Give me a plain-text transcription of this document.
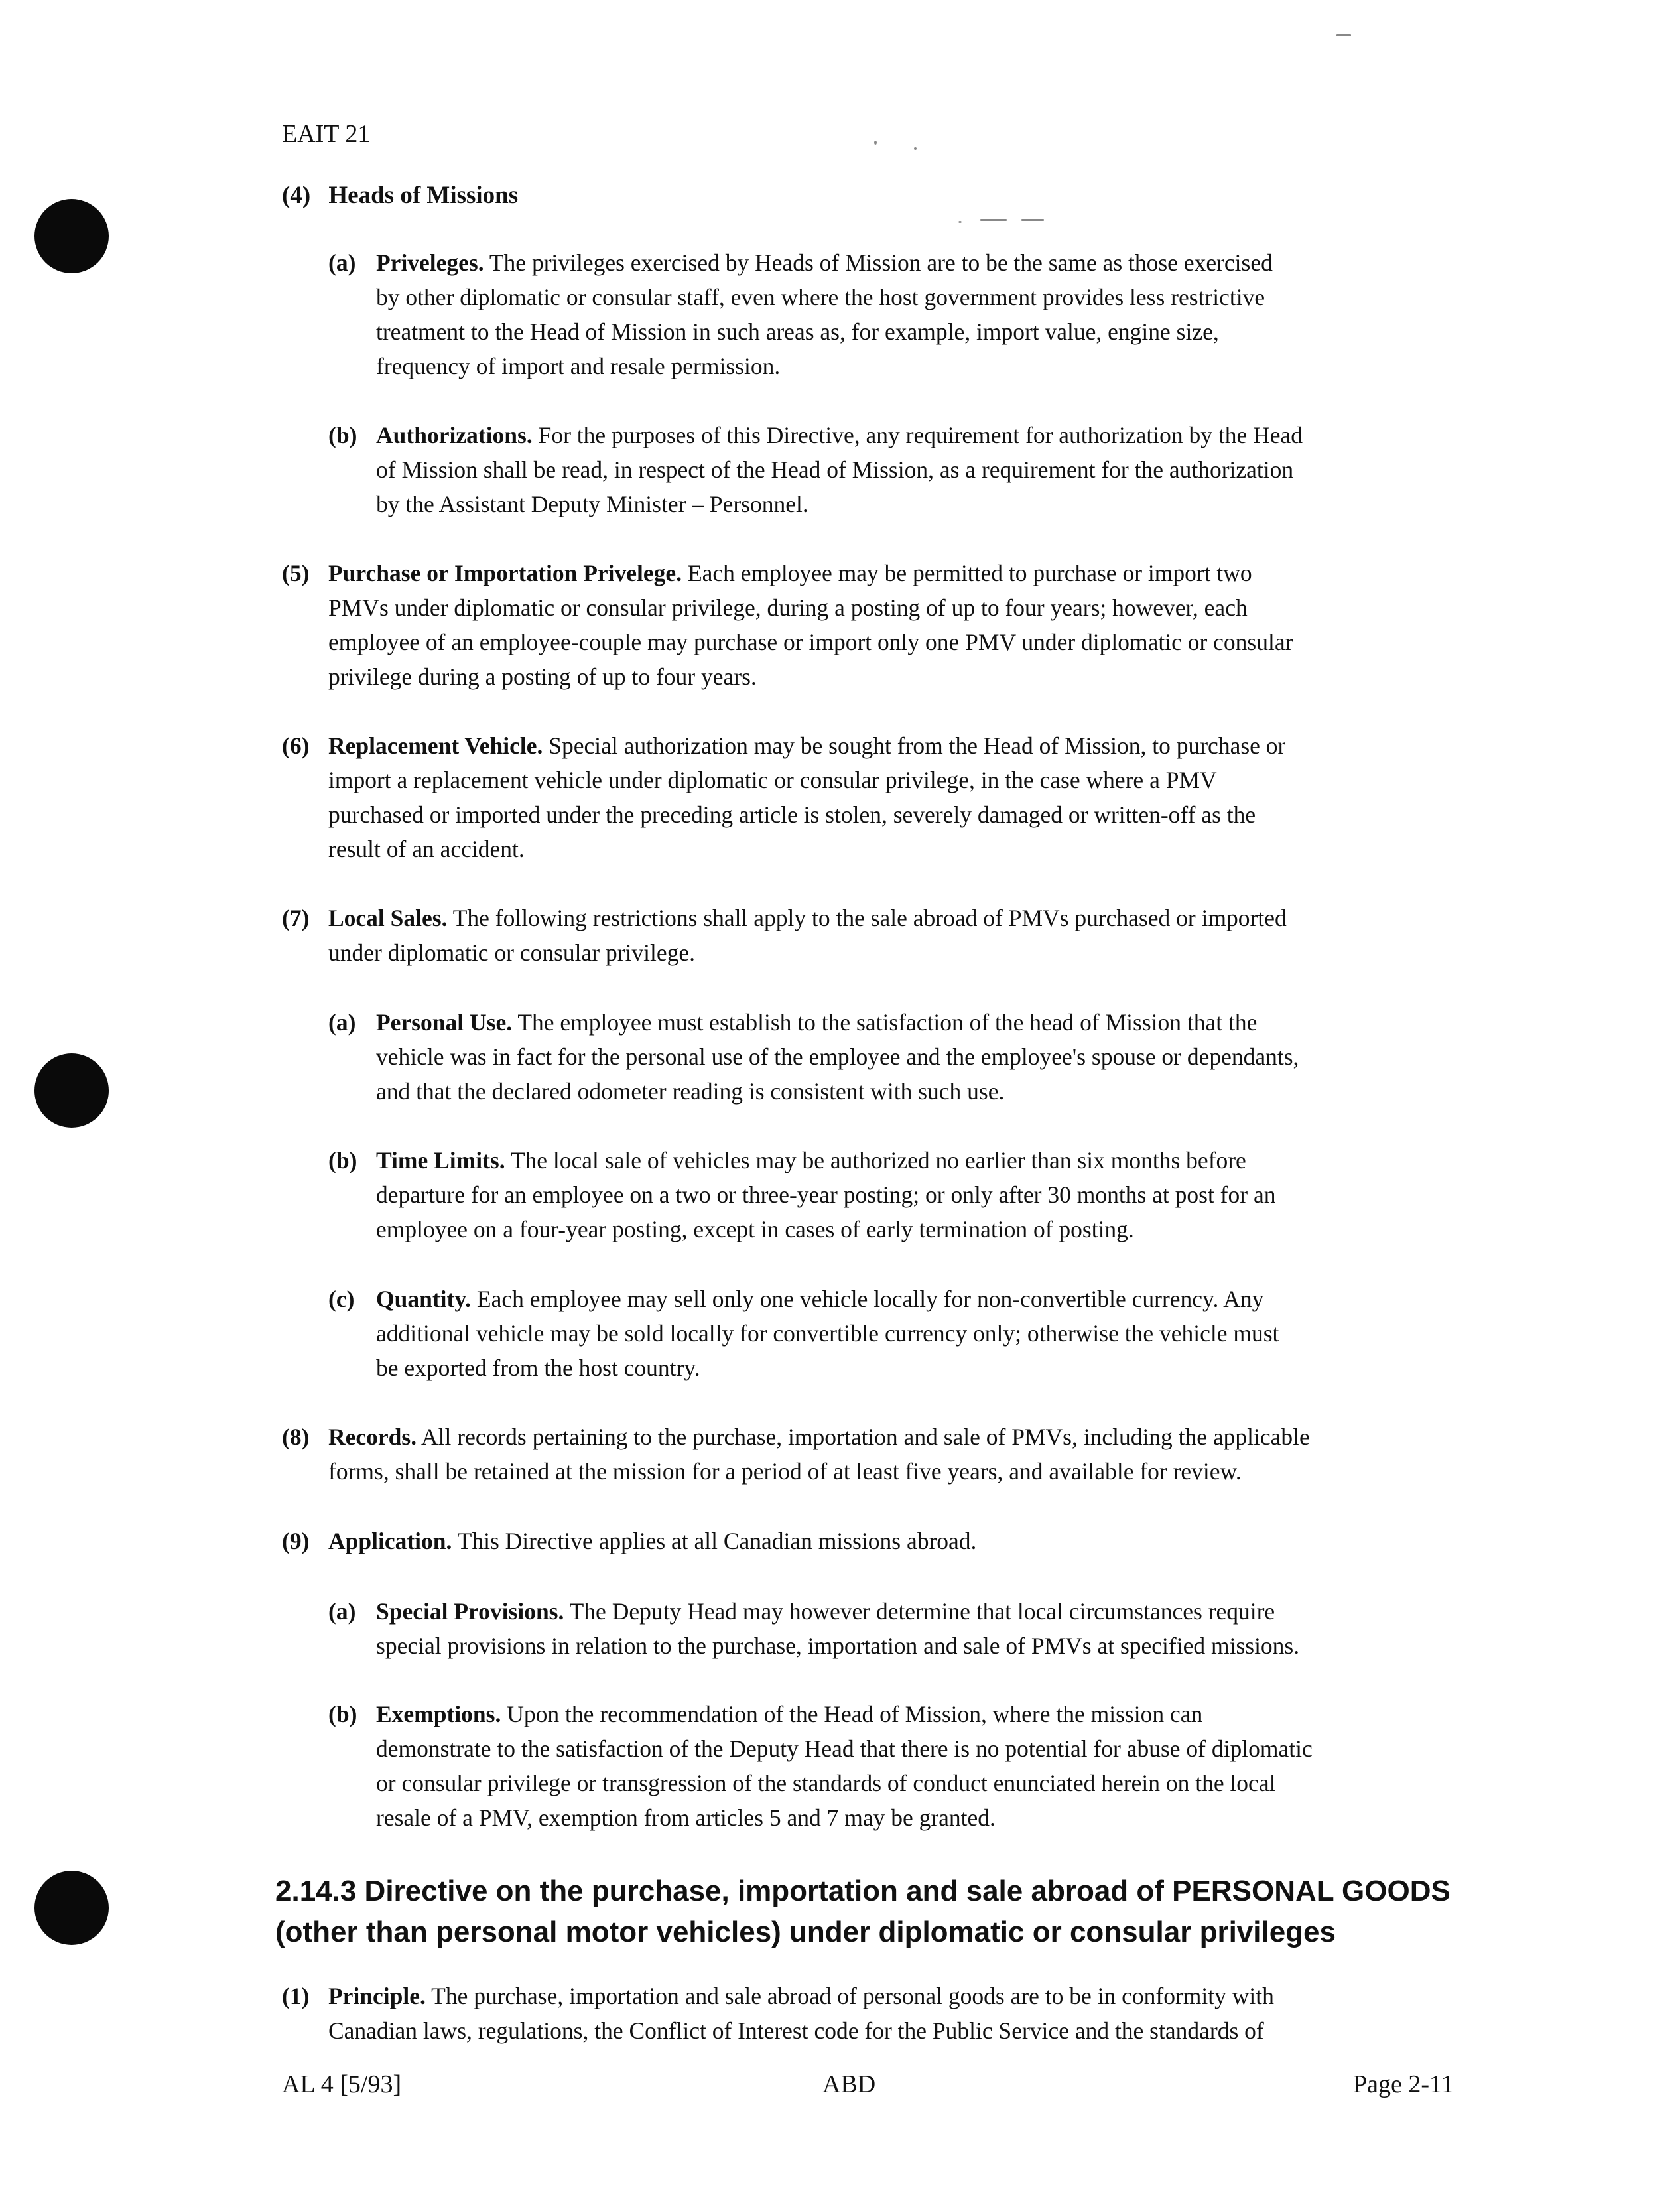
EAIT 21
(4) Heads of Missions
(a) Priveleges. The privileges exercised by Heads of Mission are to be the same as those exercised
by other diplomatic or consular staff, even where the host government provides less restrictive
treatment to the Head of Mission in such areas as, for example, import value, engine size,
frequency of import and resale permission.
(b) Authorizations. For the purposes of this Directive, any requirement for authorization by the Head
of Mission shall be read, in respect of the Head of Mission, as a requirement for the authorization
by the Assistant Deputy Minister – Personnel.
(5) Purchase or Importation Privelege. Each employee may be permitted to purchase or import two
PMVs under diplomatic or consular privilege, during a posting of up to four years; however, each
employee of an employee-couple may purchase or import only one PMV under diplomatic or consular
privilege during a posting of up to four years.
(6) Replacement Vehicle. Special authorization may be sought from the Head of Mission, to purchase or
import a replacement vehicle under diplomatic or consular privilege, in the case where a PMV
purchased or imported under the preceding article is stolen, severely damaged or written-off as the
result of an accident.
(7) Local Sales. The following restrictions shall apply to the sale abroad of PMVs purchased or imported
under diplomatic or consular privilege.
(a) Personal Use. The employee must establish to the satisfaction of the head of Mission that the
vehicle was in fact for the personal use of the employee and the employee's spouse or dependants,
and that the declared odometer reading is consistent with such use.
(b) Time Limits. The local sale of vehicles may be authorized no earlier than six months before
departure for an employee on a two or three-year posting; or only after 30 months at post for an
employee on a four-year posting, except in cases of early termination of posting.
(c) Quantity. Each employee may sell only one vehicle locally for non-convertible currency. Any
additional vehicle may be sold locally for convertible currency only; otherwise the vehicle must
be exported from the host country.
(8) Records. All records pertaining to the purchase, importation and sale of PMVs, including the applicable
forms, shall be retained at the mission for a period of at least five years, and available for review.
(9) Application. This Directive applies at all Canadian missions abroad.
(a) Special Provisions. The Deputy Head may however determine that local circumstances require
special provisions in relation to the purchase, importation and sale of PMVs at specified missions.
(b) Exemptions. Upon the recommendation of the Head of Mission, where the mission can
demonstrate to the satisfaction of the Deputy Head that there is no potential for abuse of diplomatic
or consular privilege or transgression of the standards of conduct enunciated herein on the local
resale of a PMV, exemption from articles 5 and 7 may be granted.
2.14.3 Directive on the purchase, importation and sale abroad of PERSONAL GOODS
(other than personal motor vehicles) under diplomatic or consular privileges
(1) Principle. The purchase, importation and sale abroad of personal goods are to be in conformity with
Canadian laws, regulations, the Conflict of Interest code for the Public Service and the standards of
AL 4 [5/93]	ABD	Page 2-11
